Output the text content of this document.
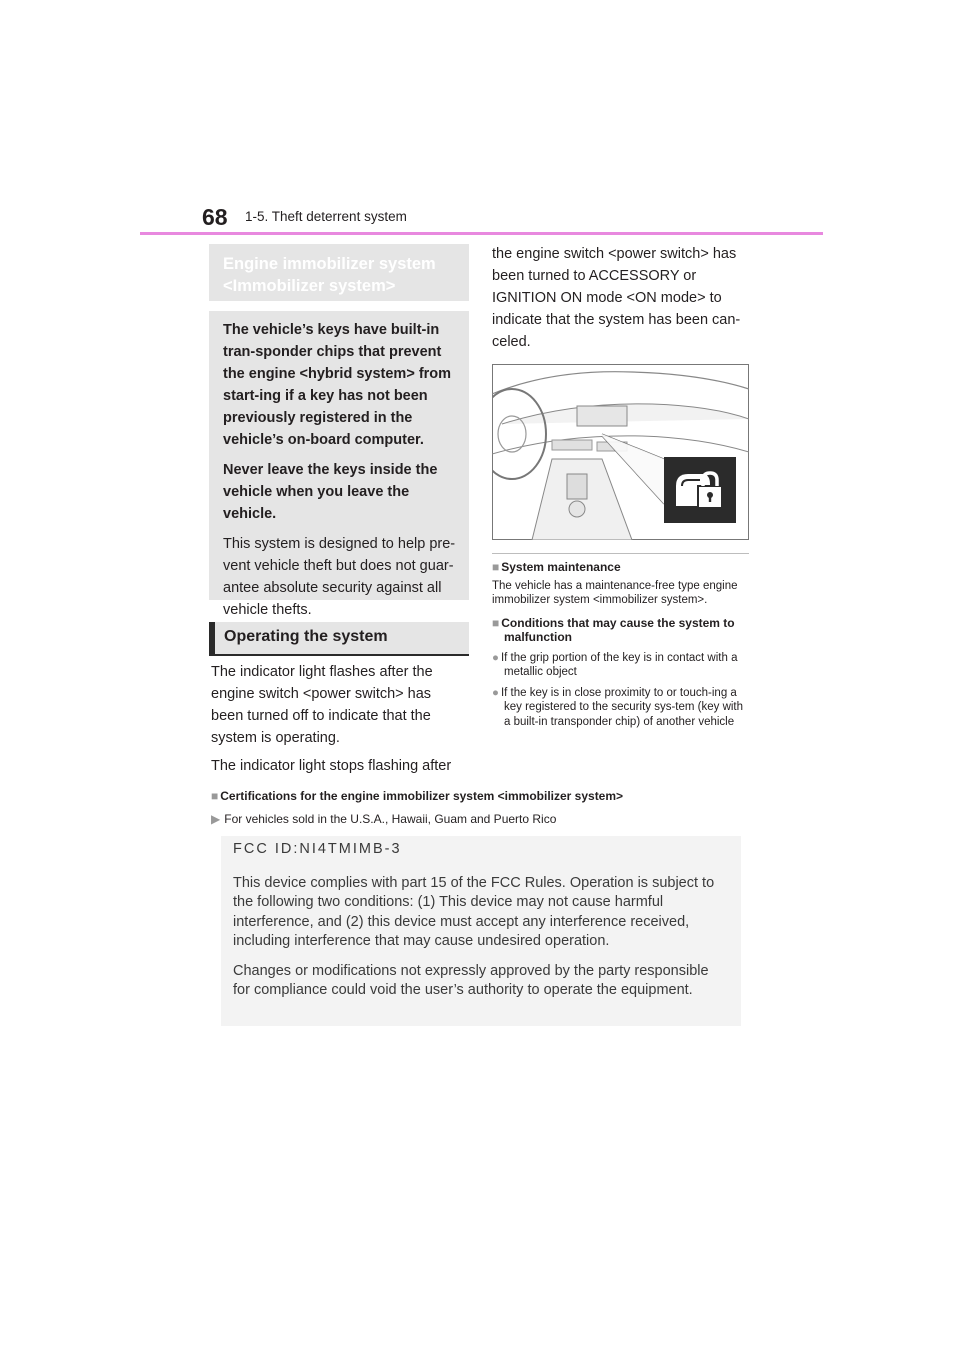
68 1-5. Theft deterrent system
Engine immobilizer system <Immobilizer system>

The vehicle’s keys have built-in tran-sponder chips that prevent the engine <hybrid system> from start-ing if a key has not been previously registered in the vehicle’s on-board computer.

Never leave the keys inside the vehicle when you leave the vehicle.

This system is designed to help pre-vent vehicle theft but does not guar-antee absolute security against all vehicle thefts.

Operating the system

The indicator light flashes after the engine switch <power switch> has been turned off to indicate that the system is operating.

The indicator light stops flashing after

the engine switch <power switch> has been turned to ACCESSORY or IGNITION ON mode <ON mode> to indicate that the system has been can-celed.

■ System maintenance

The vehicle has a maintenance-free type engine immobilizer system <immobilizer system>.

■ Conditions that may cause the system to malfunction

● If the grip portion of the key is in contact with a metallic object

● If the key is in close proximity to or touch-ing a key registered to the security sys-tem (key with a built-in transponder chip) of another vehicle

■ Certifications for the engine immobilizer system <immobilizer system>
▶ For vehicles sold in the U.S.A., Hawaii, Guam and Puerto Rico

FCC ID:NI4TMIMB-3

This device complies with part 15 of the FCC Rules. Operation is subject to the following two conditions: (1) This device may not cause harmful interference, and (2) this device must accept any interference received, including interference that may cause undesired operation.

Changes or modifications not expressly approved by the party responsible for compliance could void the user’s authority to operate the equipment.
